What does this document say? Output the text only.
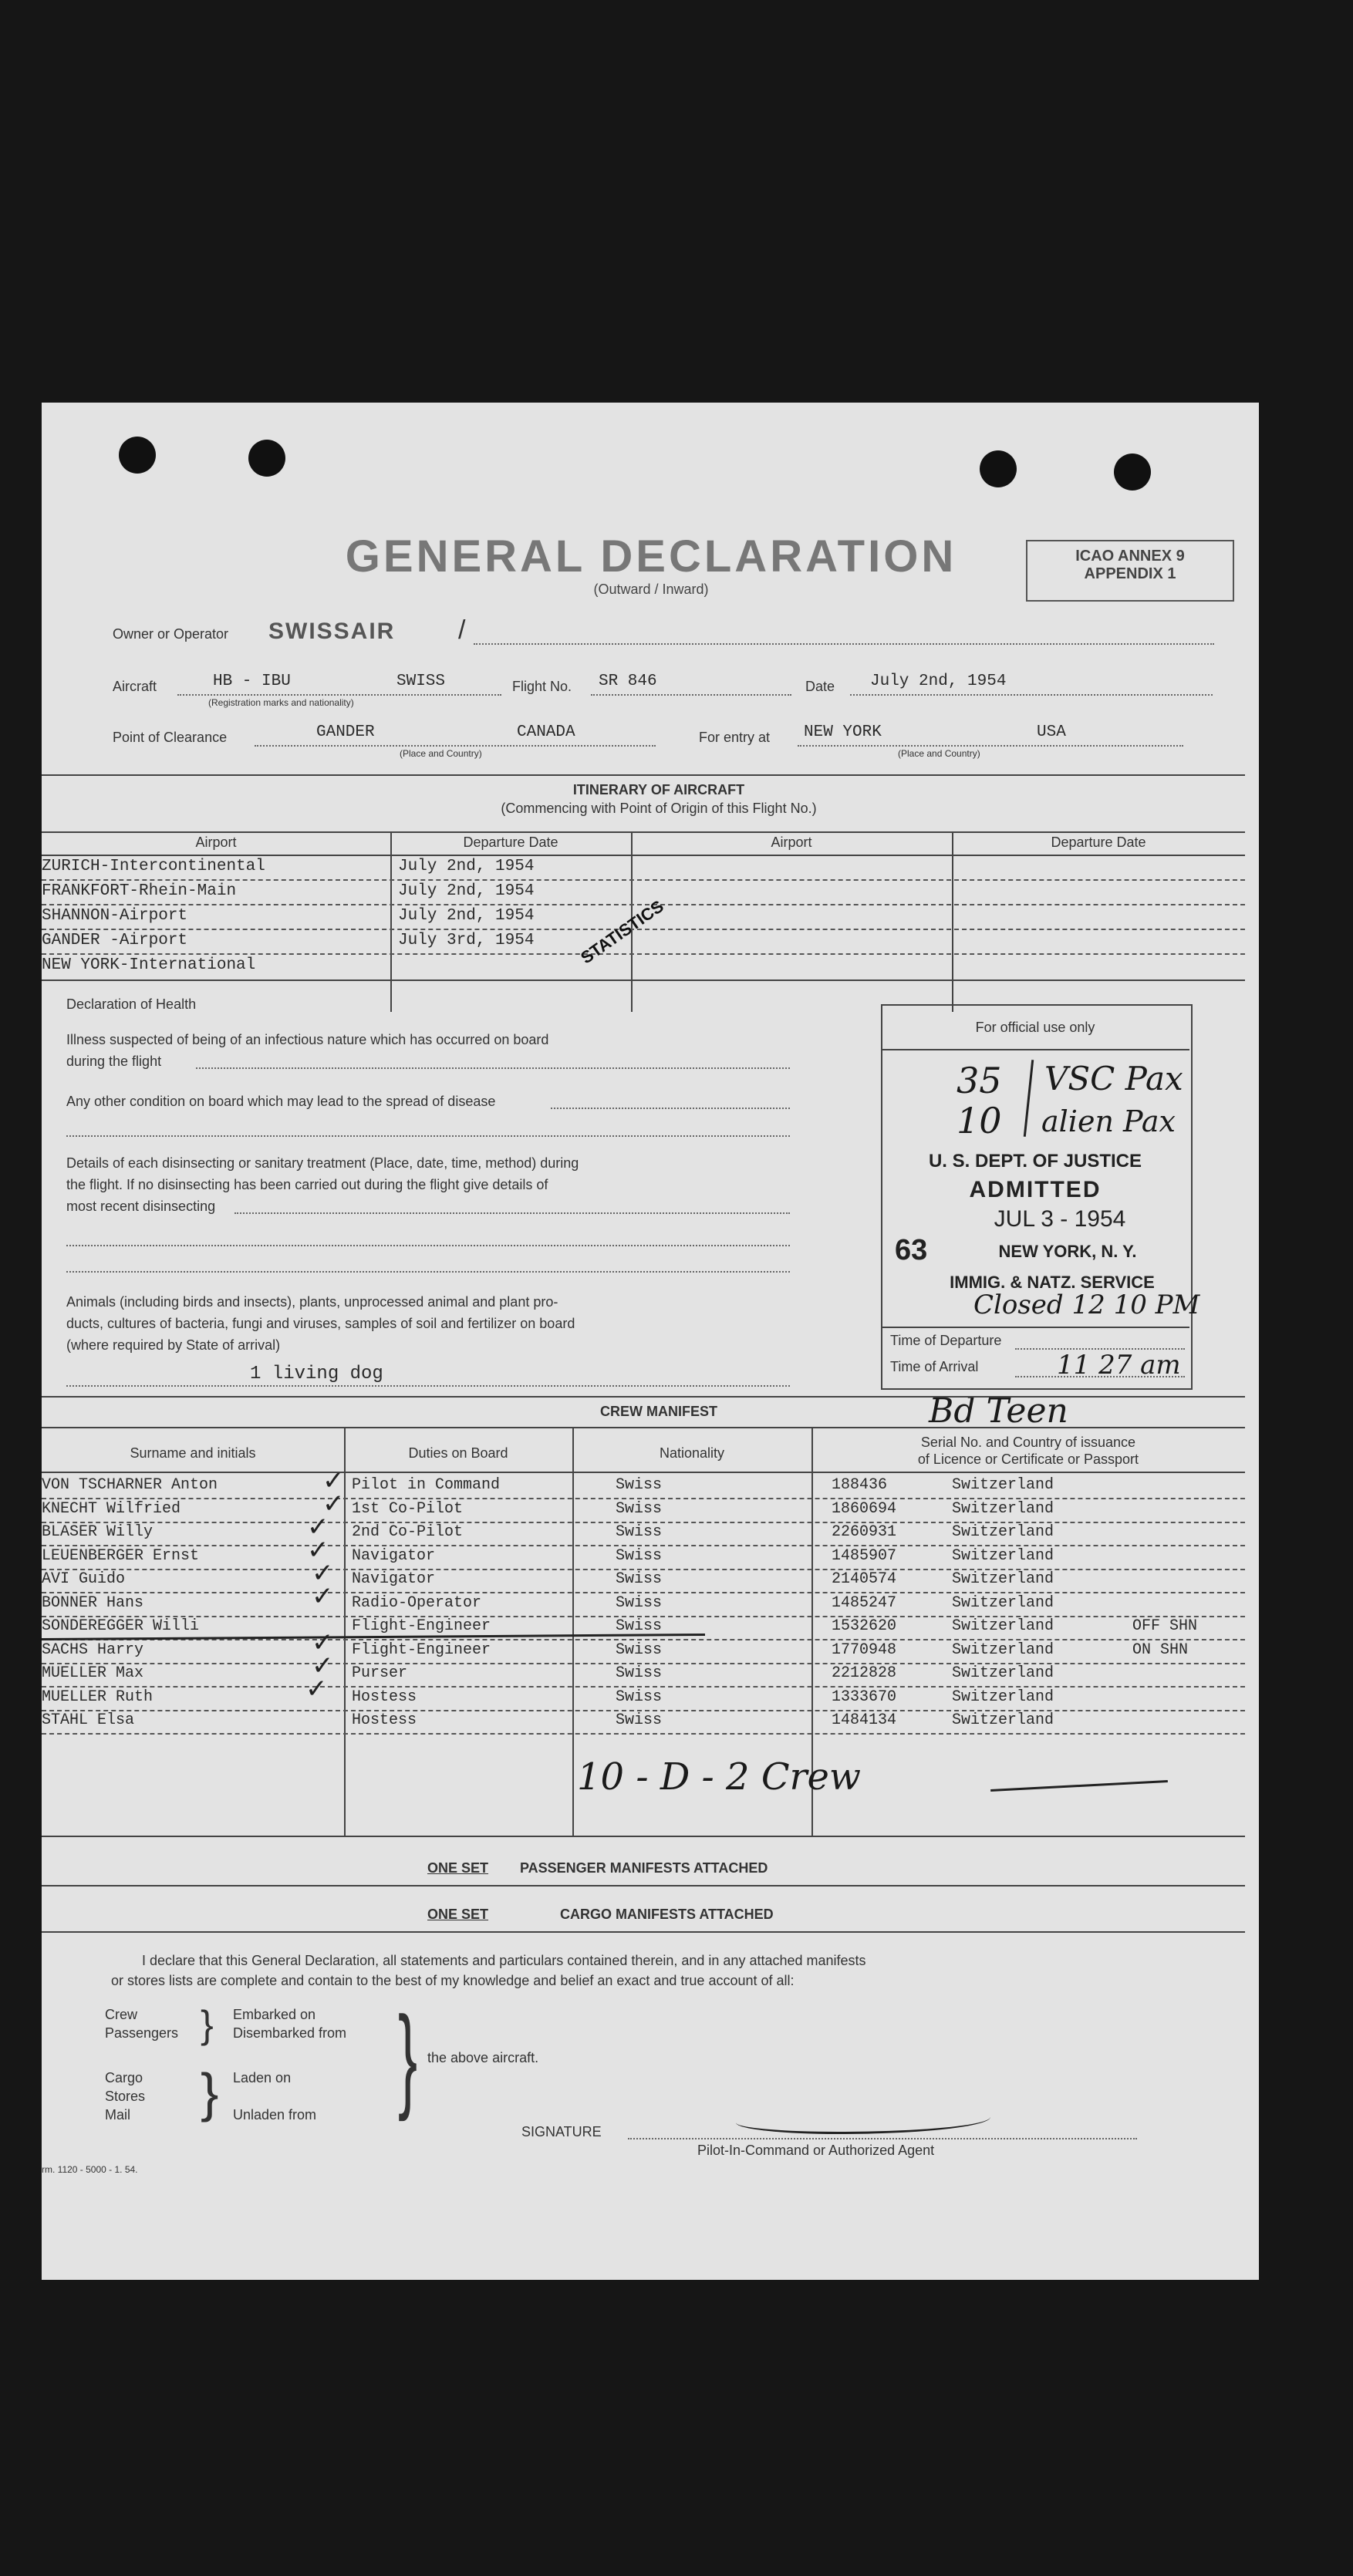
GENERAL DECLARATION
(Outward / Inward)
ICAO ANNEX 9
APPENDIX 1
Owner or Operator SWISSAIR /
Aircraft	HB - IBU	SWISS
(Registration marks and nationality)
Flight No. SR 846	Date July 2nd, 1954
Point of Clearance	GANDER	CANADA
(Place and Country)
For entry at NEW YORK	USA
(Place and Country)
ITINERARY OF AIRCRAFT
(Commencing with Point of Origin of this Flight No.)
Airport	Departure Date	Airport	Departure Date
ZURICH-Intercontinental	July 2nd, 1954
FRANKFORT-Rhein-Main	July 2nd, 1954
SHANNON-Airport	July 2nd, 1954
GANDER -Airport	July 3rd, 1954
NEW YORK-International	STATISTICS
Declaration of Health
Illness suspected of being of an infectious nature which has occurred on board
during the flight
Any other condition on board which may lead to the spread of disease
Details of each disinsecting or sanitary treatment (Place, date, time, method) during
the flight. If no disinsecting has been carried out during the flight give details of
most recent disinsecting
Animals (including birds and insects), plants, unprocessed animal and plant pro-
ducts, cultures of bacteria, fungi and viruses, samples of soil and fertilizer on board
(where required by State of arrival)
1 living dog
For official use only
35
10
VSC Pax
alien Pax
U. S. DEPT. OF JUSTICE
ADMITTED
63
JUL 3 - 1954
NEW YORK, N. Y.
IMMIG. & NATZ. SERVICE
Closed 12 10 PM
Time of Departure
Time of Arrival	11 27 am
Bd Teen
CREW MANIFEST
Surname and initials	Duties on Board	Nationality
Serial No. and Country of issuance
of Licence or Certificate or Passport
VON TSCHARNER Anton	Pilot in Command	Swiss	188436	Switzerland
KNECHT Wilfried	1st Co-Pilot	Swiss	1860694	Switzerland
BLASER Willy	2nd Co-Pilot	Swiss	2260931	Switzerland
LEUENBERGER Ernst	Navigator	Swiss	1485907	Switzerland
AVI Guido	Navigator	Swiss	2140574	Switzerland
BONNER Hans	Radio-Operator	Swiss	1485247	Switzerland
SONDEREGGER Willi	Flight-Engineer	Swiss	1532620	Switzerland	OFF SHN
SACHS Harry	Flight-Engineer	Swiss	1770948	Switzerland	ON SHN
MUELLER Max	Purser	Swiss	2212828	Switzerland
MUELLER Ruth	Hostess	Swiss	1333670	Switzerland
STAHL Elsa	Hostess	Swiss	1484134	Switzerland
✓
✓
✓
✓
✓
✓
✓
✓
✓
10 - D - 2 Crew
ONE SET PASSENGER MANIFESTS ATTACHED
ONE SET	CARGO MANIFESTS ATTACHED
I declare that this General Declaration, all statements and particulars contained therein, and in any attached manifests
or stores lists are complete and contain to the best of my knowledge and belief an exact and true account of all:
Crew
Passengers } Embarked on
Disembarked from
Cargo
Stores
Mail } Laden on
Unladen from } the above aircraft.
SIGNATURE
Pilot-In-Command or Authorized Agent
rm. 1120 - 5000 - 1. 54.
